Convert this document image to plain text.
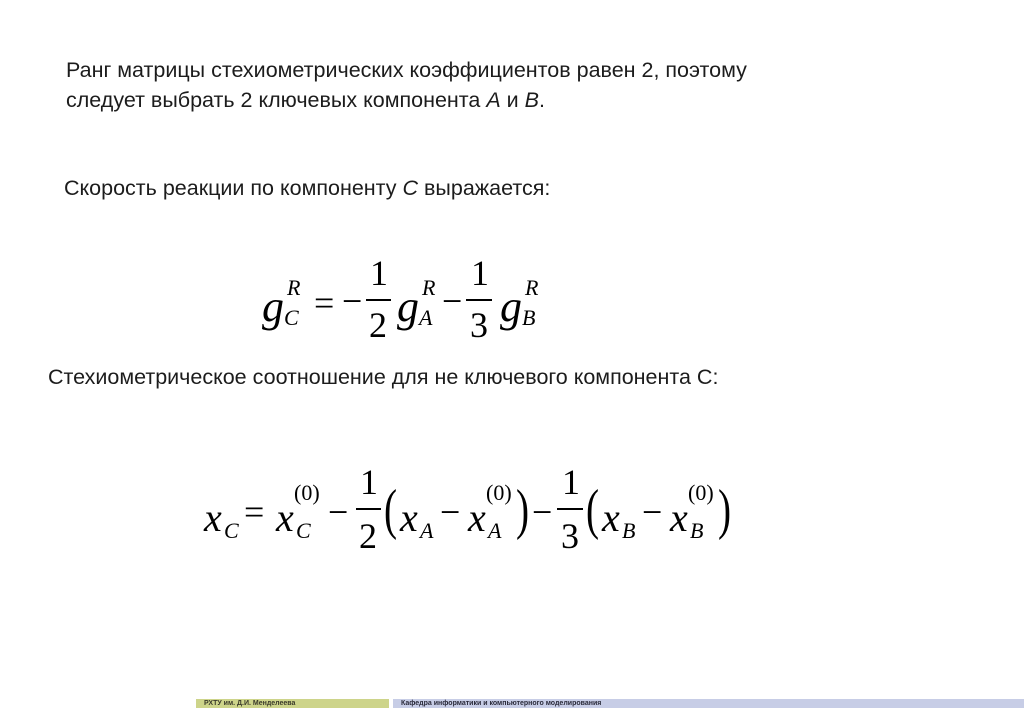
Ранг матрицы стехиометрических коэффициентов равен 2, поэтому
следует выбрать 2 ключевых компонента A и B.
Скорость реакции по компоненту C выражается:
g R
C = −
1
2 g R
A −
1
3 g R
B
Стехиометрическое соотношение для не ключевого компонента С:
x C = x
(0)
C −
1
2 ( x A − x
(0)
A ) −
1
3 ( x B − x
(0)
B )
РХТУ им. Д.И. Менделеева	Кафедра информатики и компьютерного моделирования
